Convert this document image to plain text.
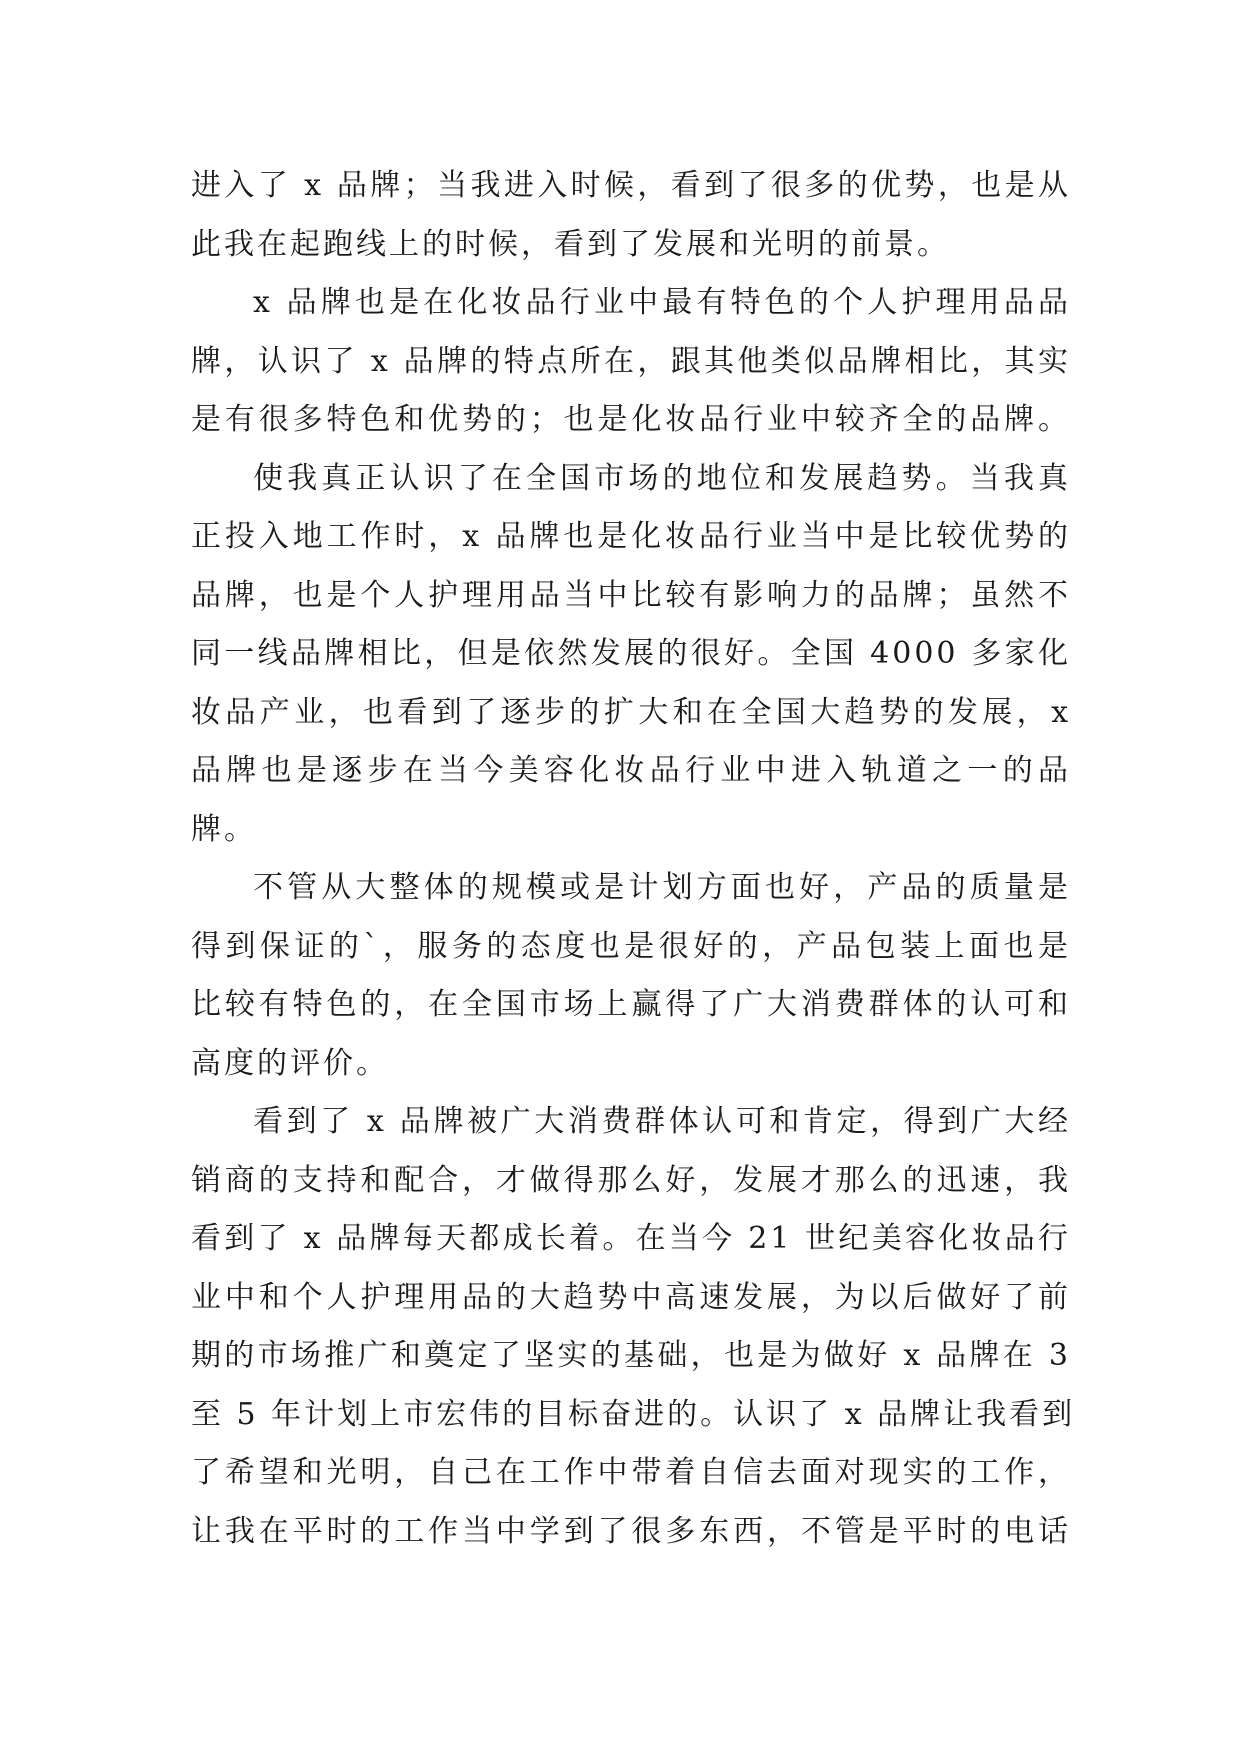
进入了 x 品牌；当我进入时候，看到了很多的优势，也是从
此我在起跑线上的时候，看到了发展和光明的前景。
x 品牌也是在化妆品行业中最有特色的个人护理用品品
牌，认识了 x 品牌的特点所在，跟其他类似品牌相比，其实
是有很多特色和优势的；也是化妆品行业中较齐全的品牌。
使我真正认识了在全国市场的地位和发展趋势。当我真
正投入地工作时，x 品牌也是化妆品行业当中是比较优势的
品牌，也是个人护理用品当中比较有影响力的品牌；虽然不
同一线品牌相比，但是依然发展的很好。全国 4000 多家化
妆品产业，也看到了逐步的扩大和在全国大趋势的发展，x
品牌也是逐步在当今美容化妆品行业中进入轨道之一的品
牌。
不管从大整体的规模或是计划方面也好，产品的质量是
得到保证的`，服务的态度也是很好的，产品包装上面也是
比较有特色的，在全国市场上赢得了广大消费群体的认可和
高度的评价。
看到了 x 品牌被广大消费群体认可和肯定，得到广大经
销商的支持和配合，才做得那么好，发展才那么的迅速，我
看到了 x 品牌每天都成长着。在当今 21 世纪美容化妆品行
业中和个人护理用品的大趋势中高速发展，为以后做好了前
期的市场推广和奠定了坚实的基础，也是为做好 x 品牌在 3
至 5 年计划上市宏伟的目标奋进的。认识了 x 品牌让我看到
了希望和光明，自己在工作中带着自信去面对现实的工作，
让我在平时的工作当中学到了很多东西，不管是平时的电话
